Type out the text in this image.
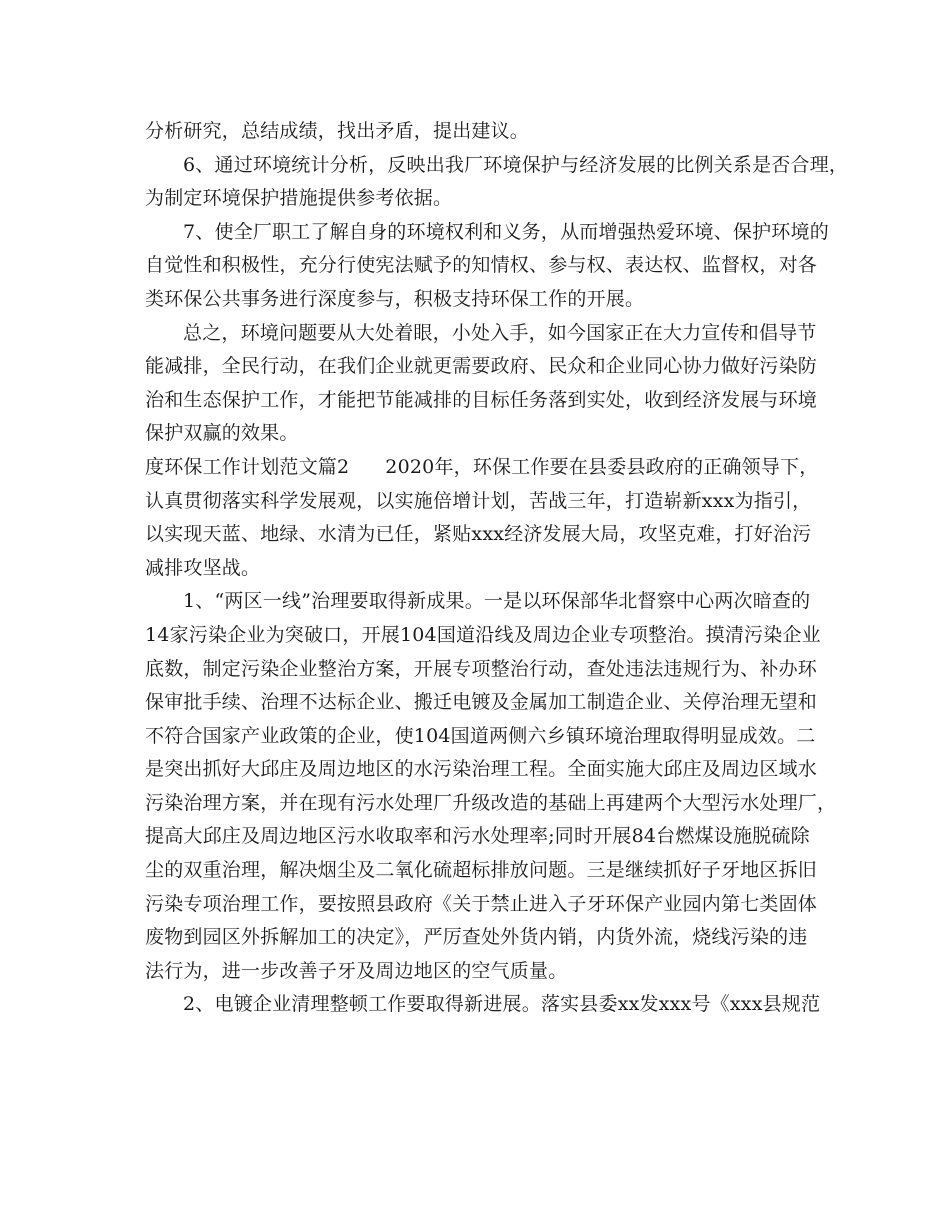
分析研究，总结成绩，找出矛盾，提出建议。
6、通过环境统计分析，反映出我厂环境保护与经济发展的比例关系是否合理，
为制定环境保护措施提供参考依据。
7、使全厂职工了解自身的环境权利和义务，从而增强热爱环境、保护环境的
自觉性和积极性，充分行使宪法赋予的知情权、参与权、表达权、监督权，对各
类环保公共事务进行深度参与，积极支持环保工作的开展。
总之，环境问题要从大处着眼，小处入手，如今国家正在大力宣传和倡导节
能减排，全民行动，在我们企业就更需要政府、民众和企业同心协力做好污染防
治和生态保护工作，才能把节能减排的目标任务落到实处，收到经济发展与环境
保护双赢的效果。
度环保工作计划范文篇2 2020年，环保工作要在县委县政府的正确领导下，
认真贯彻落实科学发展观，以实施倍增计划，苦战三年，打造崭新xxx为指引，
以实现天蓝、地绿、水清为已任，紧贴xxx经济发展大局，攻坚克难，打好治污
减排攻坚战。
1、“两区一线”治理要取得新成果。一是以环保部华北督察中心两次暗查的
14家污染企业为突破口，开展104国道沿线及周边企业专项整治。摸清污染企业
底数，制定污染企业整治方案，开展专项整治行动，查处违法违规行为、补办环
保审批手续、治理不达标企业、搬迁电镀及金属加工制造企业、关停治理无望和
不符合国家产业政策的企业，使104国道两侧六乡镇环境治理取得明显成效。二
是突出抓好大邱庄及周边地区的水污染治理工程。全面实施大邱庄及周边区域水
污染治理方案，并在现有污水处理厂升级改造的基础上再建两个大型污水处理厂，
提高大邱庄及周边地区污水收取率和污水处理率;同时开展84台燃煤设施脱硫除
尘的双重治理，解决烟尘及二氧化硫超标排放问题。三是继续抓好子牙地区拆旧
污染专项治理工作，要按照县政府《关于禁止进入子牙环保产业园内第七类固体
废物到园区外拆解加工的决定》，严厉查处外货内销，内货外流，烧线污染的违
法行为，进一步改善子牙及周边地区的空气质量。
2、电镀企业清理整顿工作要取得新进展。落实县委xx发xxx号《xxx县规范
